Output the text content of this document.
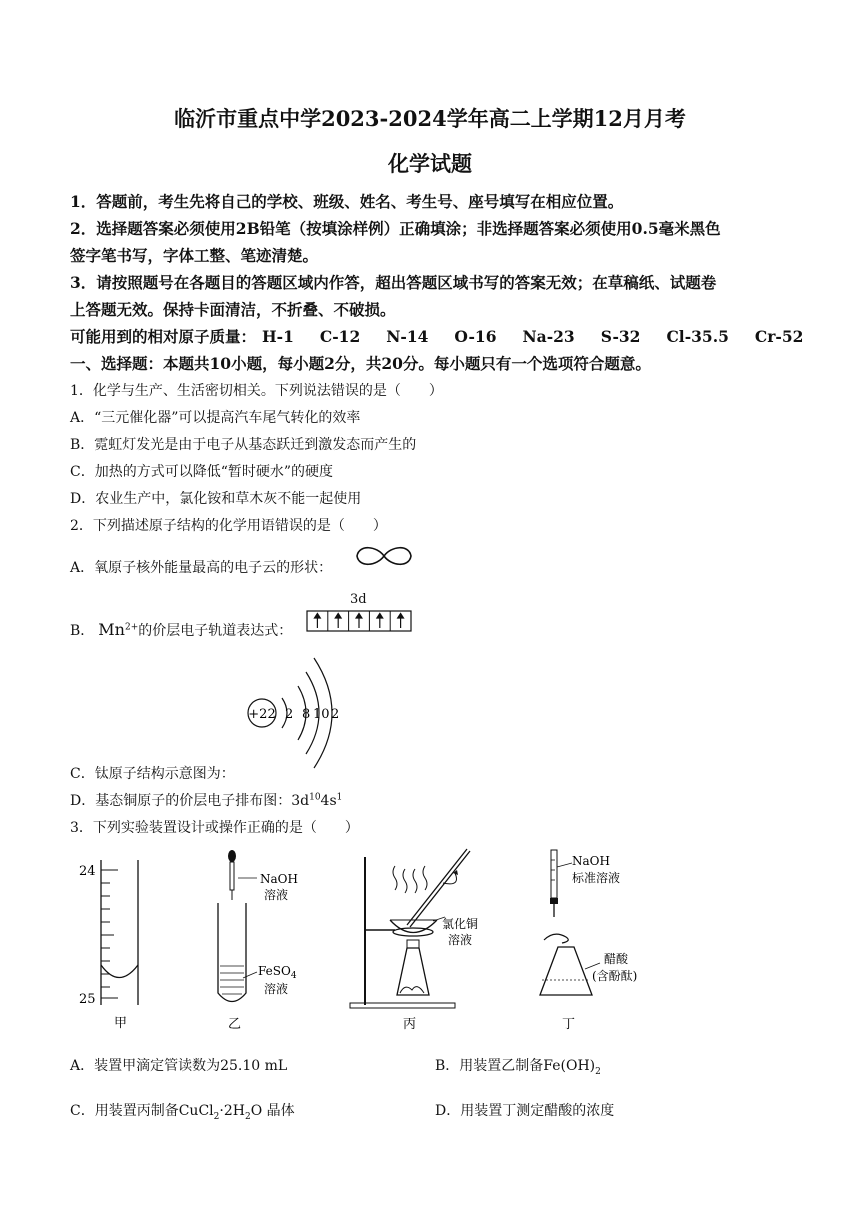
临沂市重点中学2023-2024学年高二上学期12月月考
化学试题
1．答题前，考生先将自己的学校、班级、姓名、考生号、座号填写在相应位置。
2．选择题答案必须使用2B铅笔（按填涂样例）正确填涂；非选择题答案必须使用0.5毫米黑色
签字笔书写，字体工整、笔迹清楚。
3．请按照题号在各题目的答题区域内作答，超出答题区域书写的答案无效；在草稿纸、试题卷
上答题无效。保持卡面清洁，不折叠、不破损。
可能用到的相对原子质量： H-1 C-12 N-14 O-16 Na-23 S-32 Cl-35.5 Cr-52
一、选择题：本题共10小题，每小题2分，共20分。每小题只有一个选项符合题意。
1．化学与生产、生活密切相关。下列说法错误的是（　　）
A．“三元催化器”可以提高汽车尾气转化的效率
B．霓虹灯发光是由于电子从基态跃迁到激发态而产生的
C．加热的方式可以降低“暂时硬水”的硬度
D．农业生产中，氯化铵和草木灰不能一起使用
2．下列描述原子结构的化学用语错误的是（　　）
A．氧原子核外能量最高的电子云的形状：
B． $Mn^{2+}$的价层电子轨道表达式：
3d
+22 2 8 10 2
C．钛原子结构示意图为：
D．基态铜原子的价层电子排布图：$3d^{10}4s^1$
3．下列实验装置设计或操作正确的是（　　）
24
25
甲
NaOH
溶液
FeSO$_4$
溶液
乙
氯化铜
溶液
丙
NaOH
标准溶液
醋酸
(含酚酞)
丁
A．装置甲滴定管读数为25.10 mL	B．用装置乙制备$Fe(OH)_2$
C．用装置丙制备$CuCl_2\cdot 2H_2O$ 晶体	D．用装置丁测定醋酸的浓度
